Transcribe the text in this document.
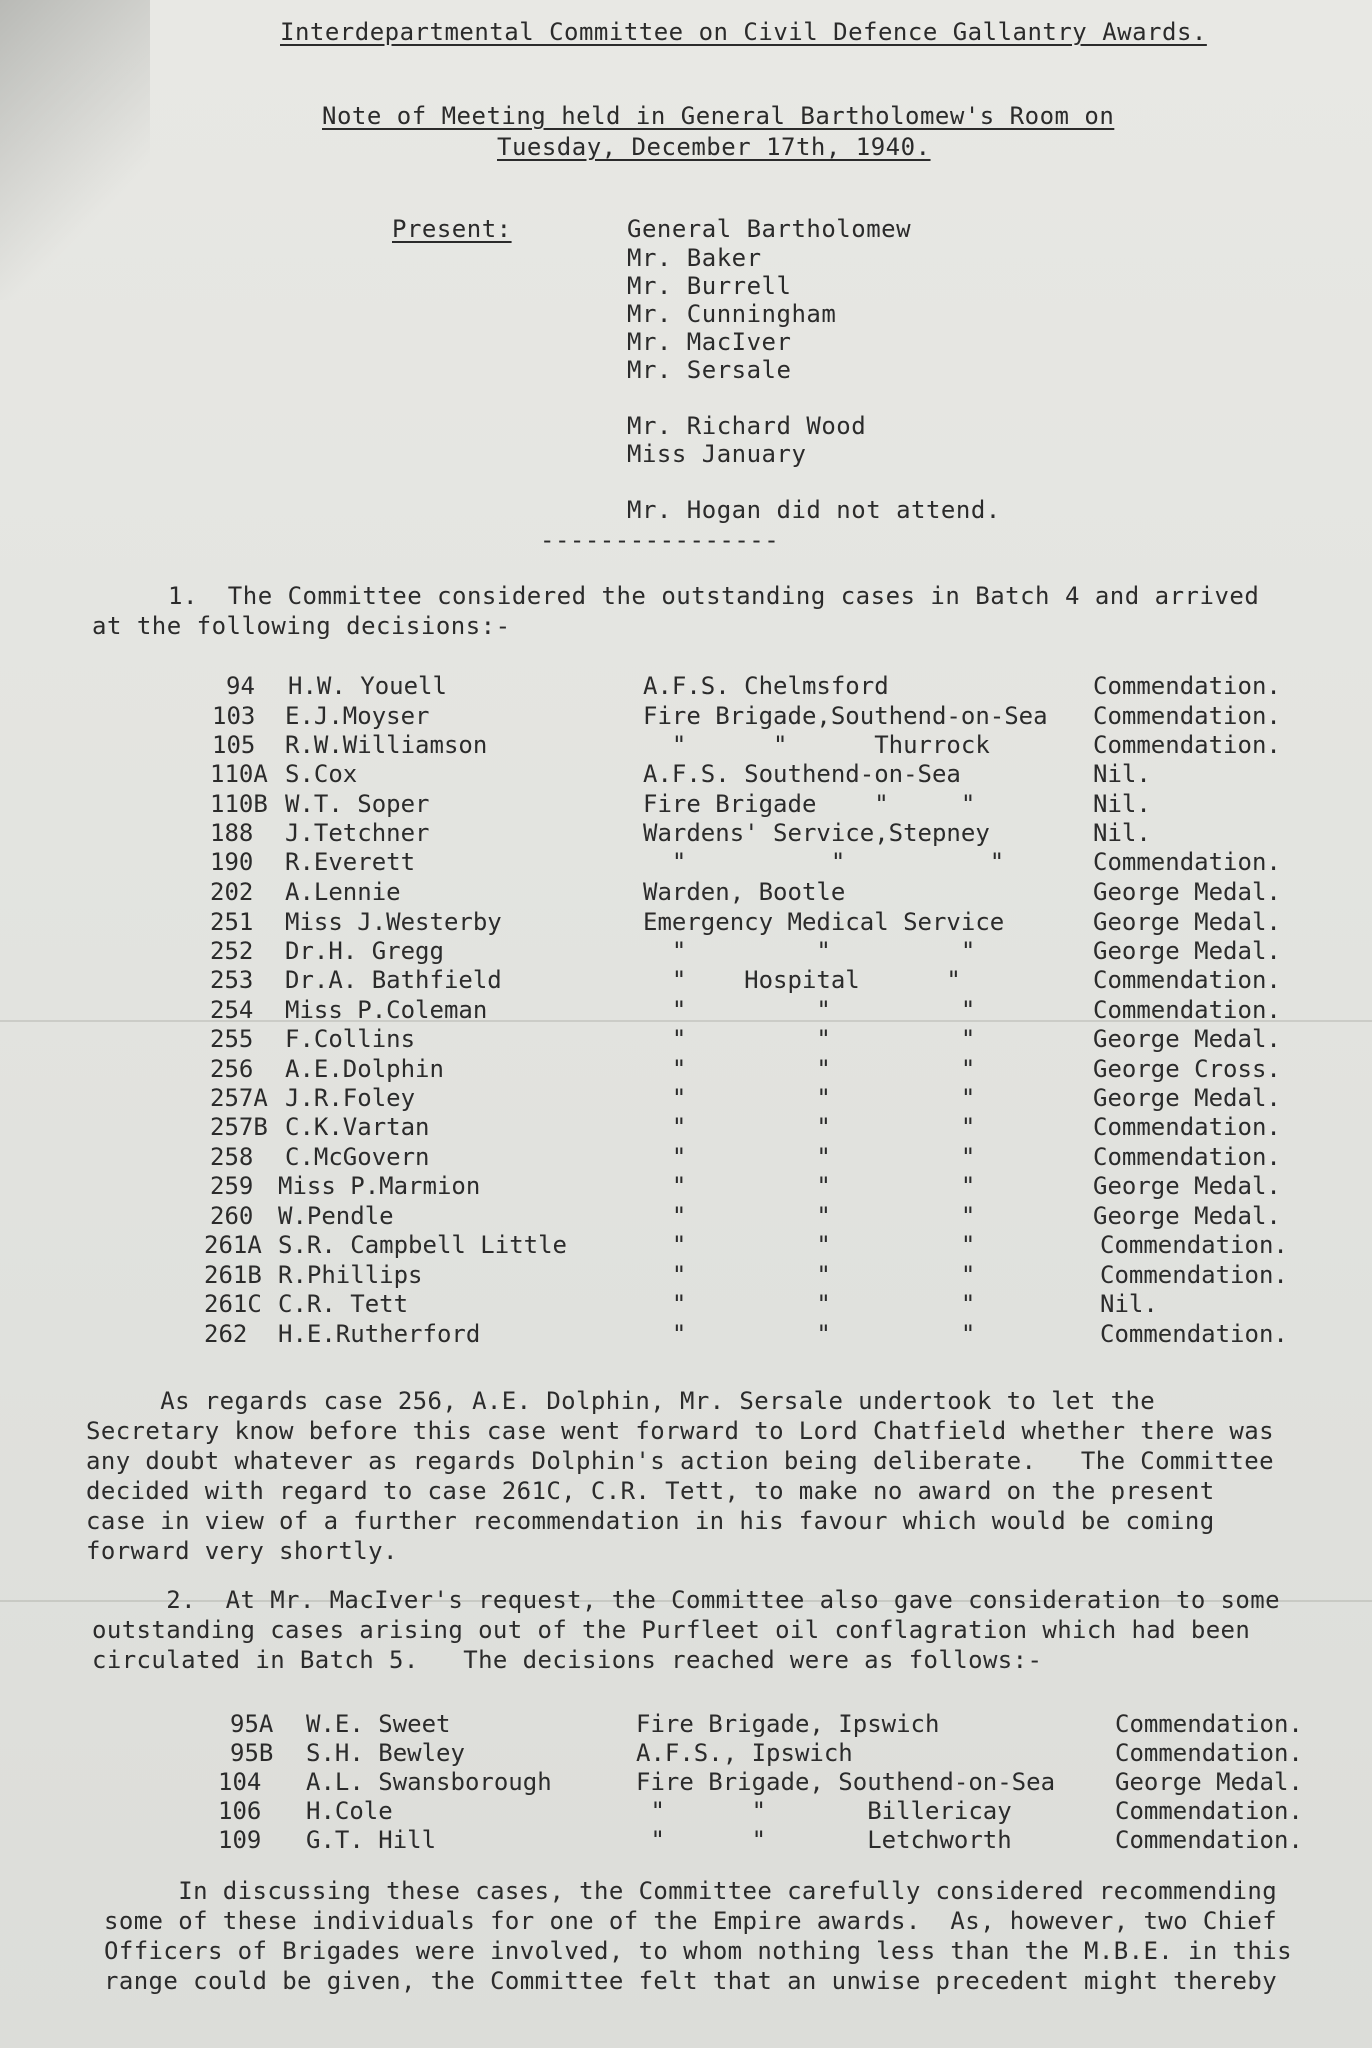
Interdepartmental Committee on Civil Defence Gallantry Awards.
Note of Meeting held in General Bartholomew's Room on
Tuesday, December 17th, 1940.
Present:	General Bartholomew
Mr. Baker
Mr. Burrell
Mr. Cunningham
Mr. MacIver
Mr. Sersale
Mr. Richard Wood
Miss January
Mr. Hogan did not attend.
----------------
1.  The Committee considered the outstanding cases in Batch 4 and arrived
at the following decisions:-
94 H.W. Youell	A.F.S. Chelmsford	Commendation.
103 E.J.Moyser	Fire Brigade,Southend-on-Sea Commendation.
105 R.W.Williamson	"      "      Thurrock	Commendation.
110A S.Cox	A.F.S. Southend-on-Sea	Nil.
110B W.T. Soper	Fire Brigade    "     "	Nil.
188 J.Tetchner	Wardens' Service,Stepney	Nil.
190 R.Everett	"          "          "	Commendation.
202 A.Lennie	Warden, Bootle	George Medal.
251 Miss J.Westerby	Emergency Medical Service	George Medal.
252 Dr.H. Gregg	"         "         "	George Medal.
253 Dr.A. Bathfield	"    Hospital      "	Commendation.
254 Miss P.Coleman	"         "         "	Commendation.
255 F.Collins	"         "         "	George Medal.
256 A.E.Dolphin	"         "         "	George Cross.
257A J.R.Foley	"         "         "	George Medal.
257B C.K.Vartan	"         "         "	Commendation.
258 C.McGovern	"         "         "	Commendation.
259 Miss P.Marmion	"         "         "	George Medal.
260 W.Pendle	"         "         "	George Medal.
261A S.R. Campbell Little	"         "         "	Commendation.
261B R.Phillips	"         "         "	Commendation.
261C C.R. Tett	"         "         "	Nil.
262 H.E.Rutherford	"         "         "	Commendation.
As regards case 256, A.E. Dolphin, Mr. Sersale undertook to let the
Secretary know before this case went forward to Lord Chatfield whether there was
any doubt whatever as regards Dolphin's action being deliberate.   The Committee
decided with regard to case 261C, C.R. Tett, to make no award on the present
case in view of a further recommendation in his favour which would be coming
forward very shortly.
2.  At Mr. MacIver's request, the Committee also gave consideration to some
outstanding cases arising out of the Purfleet oil conflagration which had been
circulated in Batch 5.   The decisions reached were as follows:-
95A W.E. Sweet	Fire Brigade, Ipswich	Commendation.
95B S.H. Bewley	A.F.S., Ipswich	Commendation.
104 A.L. Swansborough	Fire Brigade, Southend-on-Sea George Medal.
106 H.Cole	"      "       Billericay	Commendation.
109 G.T. Hill	"      "       Letchworth	Commendation.
In discussing these cases, the Committee carefully considered recommending
some of these individuals for one of the Empire awards.  As, however, two Chief
Officers of Brigades were involved, to whom nothing less than the M.B.E. in this
range could be given, the Committee felt that an unwise precedent might thereby
